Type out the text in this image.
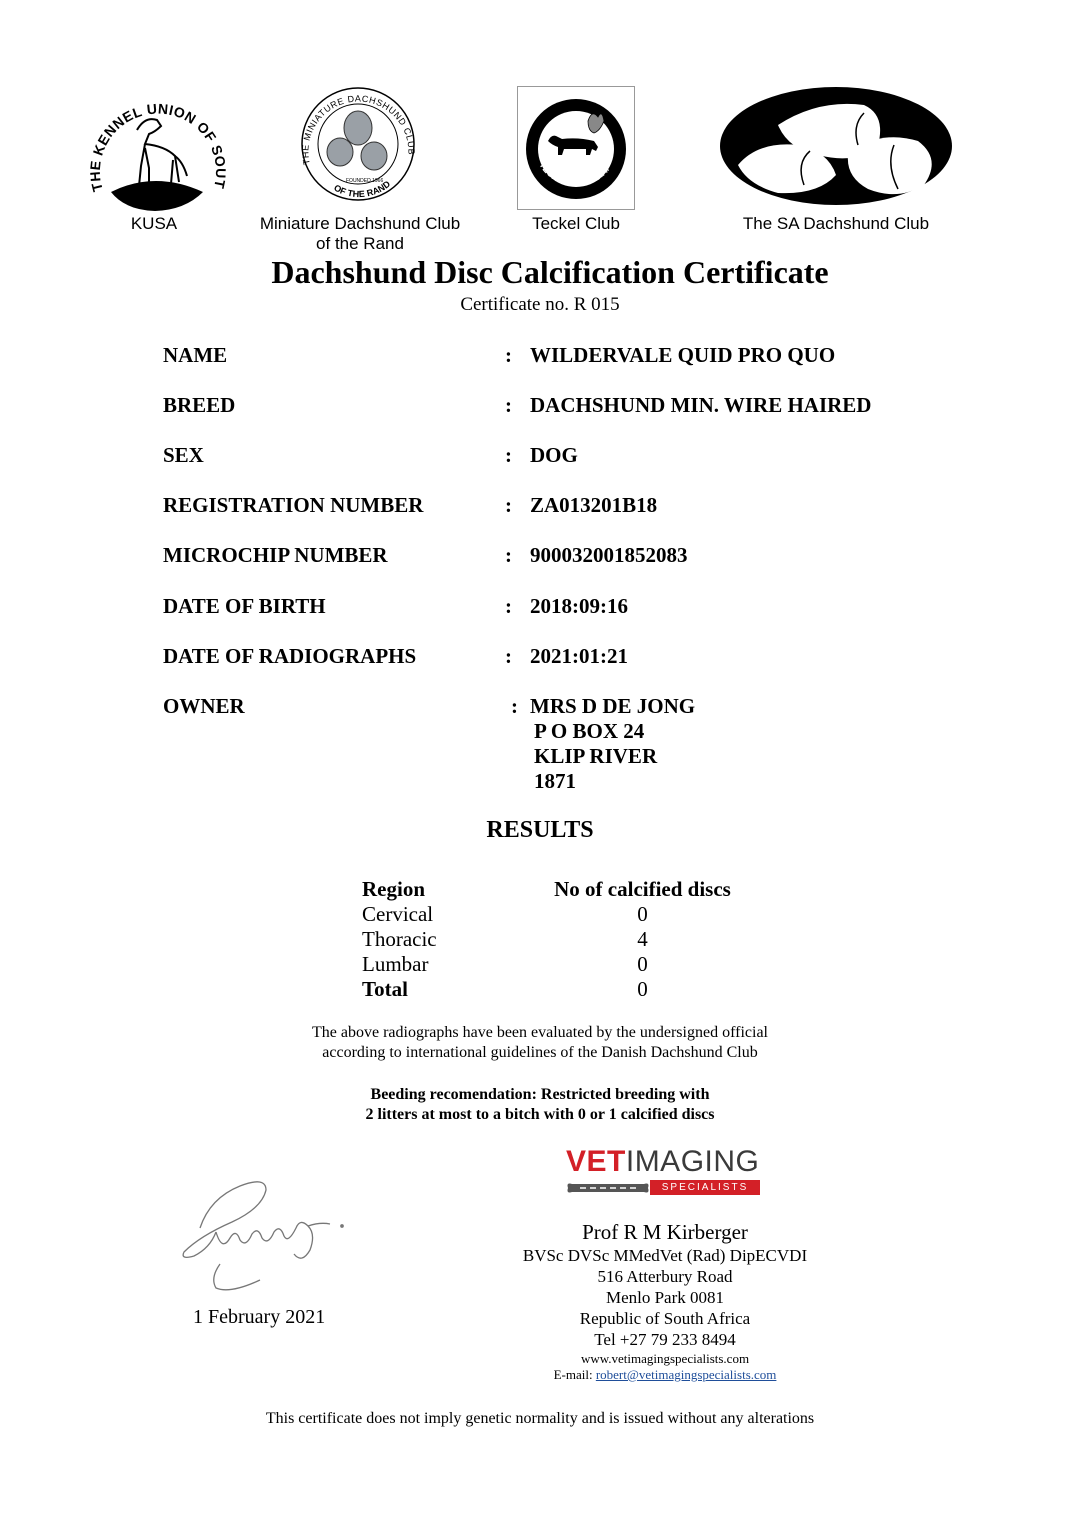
THE KENNEL UNION OF SOUT
KUSA
THE MINIATURE DACHSHUND CLUB
OF THE RAND
FOUNDED 1966
Miniature Dachshund Club
of the Rand
TECKEL CLUB S.A.
Teckel Club	The SA Dachshund Club
Dachshund Disc Calcification Certificate
Certificate no. R 015
NAME	: WILDERVALE QUID PRO QUO
BREED	: DACHSHUND MIN. WIRE HAIRED
SEX	: DOG
REGISTRATION NUMBER	: ZA013201B18
MICROCHIP NUMBER	: 900032001852083
DATE OF BIRTH	: 2018:09:16
DATE OF RADIOGRAPHS	: 2021:01:21
OWNER	: MRS D DE JONG
P O BOX 24
KLIP RIVER
1871
RESULTS
Region	No of calcified discs
Cervical	0
Thoracic	4
Lumbar	0
Total	0
The above radiographs have been evaluated by the undersigned official
according to international guidelines of the Danish Dachshund Club
Beeding recomendation: Restricted breeding with
2 litters at most to a bitch with 0 or 1 calcified discs
VETIMAGING
SPECIALISTS
1 February 2021
Prof R M Kirberger
BVSc DVSc MMedVet (Rad) DipECVDI
516 Atterbury Road
Menlo Park 0081
Republic of South Africa
Tel +27 79 233 8494
www.vetimagingspecialists.com
E-mail: robert@vetimagingspecialists.com
This certificate does not imply genetic normality and is issued without any alterations
